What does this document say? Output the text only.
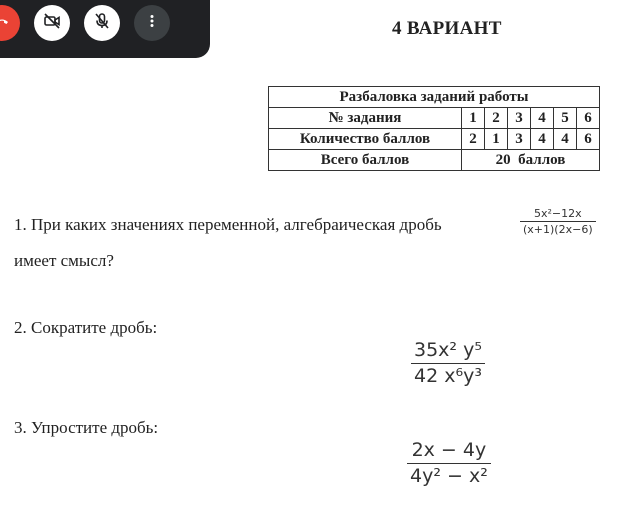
4 ВАРИАНТ
Разбаловка заданий работы						
№ задания	1	2	3	4	5	6
Количество баллов	2	1	3	4	4	6
Всего баллов	20  баллов					
1. При каких значениях переменной, алгебраическая дробь
5x²−12x
(x+1)(2x−6)
имеет смысл?
2. Сократите дробь:
35x² y⁵
42 x⁶y³
3. Упростите дробь:
2x − 4y
4y² − x²
